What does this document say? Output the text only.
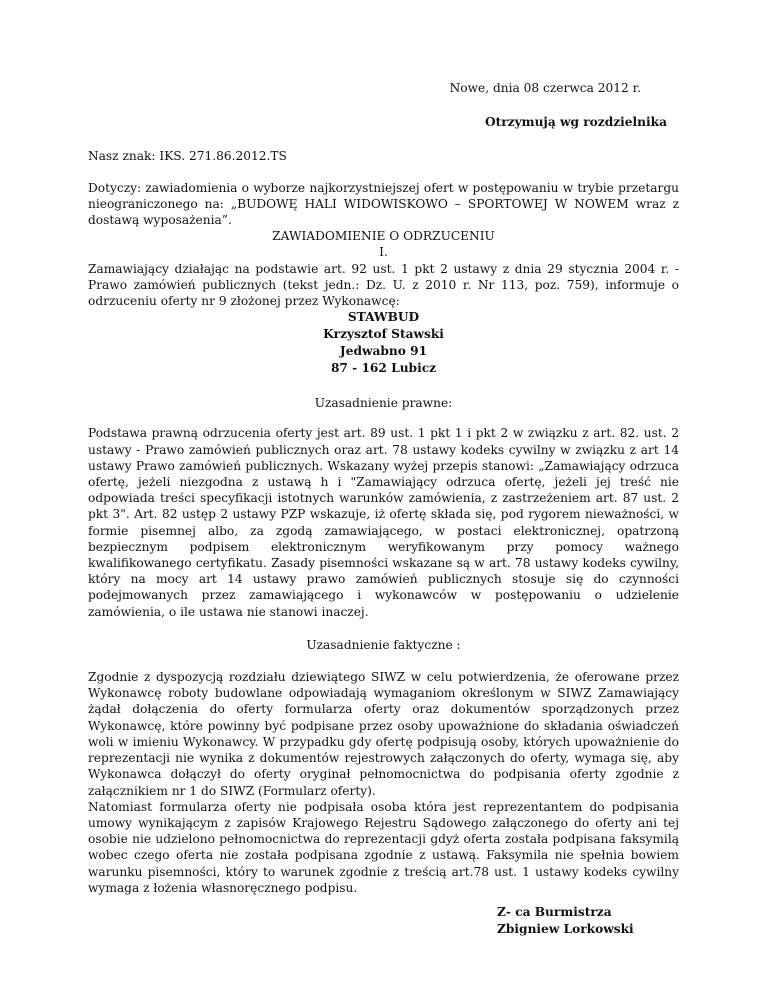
Nowe, dnia 08 czerwca 2012 r.
Otrzymują wg rozdzielnika
Nasz znak: IKS. 271.86.2012.TS
Dotyczy: zawiadomienia o wyborze najkorzystniejszej ofert w postępowaniu w trybie przetargu nieograniczonego na: „BUDOWĘ HALI WIDOWISKOWO – SPORTOWEJ W NOWEM wraz z dostawą wyposażenia”.
ZAWIADOMIENIE O ODRZUCENIU
I.
Zamawiający działając na podstawie art. 92 ust. 1 pkt 2 ustawy z dnia 29 stycznia 2004 r. - Prawo zamówień publicznych (tekst jedn.: Dz. U. z 2010 r. Nr 113, poz. 759), informuje o odrzuceniu oferty nr 9 złożonej przez Wykonawcę:
STAWBUD
Krzysztof Stawski
Jedwabno 91
87 - 162 Lubicz
Uzasadnienie prawne:
Podstawa prawną odrzucenia oferty jest art. 89 ust. 1 pkt 1 i pkt 2 w związku z art. 82. ust. 2 ustawy - Prawo zamówień publicznych oraz art. 78 ustawy kodeks cywilny w związku z art 14 ustawy Prawo zamówień publicznych. Wskazany wyżej przepis stanowi: „Zamawiający odrzuca ofertę, jeżeli niezgodna z ustawą h i "Zamawiający odrzuca ofertę, jeżeli jej treść nie odpowiada treści specyfikacji istotnych warunków zamówienia, z zastrzeżeniem art. 87 ust. 2 pkt 3". Art. 82 ustęp 2 ustawy PZP wskazuje, iż ofertę składa się, pod rygorem nieważności, w formie pisemnej albo, za zgodą zamawiającego, w postaci elektronicznej, opatrzoną bezpiecznym podpisem elektronicznym weryfikowanym przy pomocy ważnego kwalifikowanego certyfikatu. Zasady pisemności wskazane są w art. 78 ustawy kodeks cywilny, który na mocy art 14 ustawy prawo zamówień publicznych stosuje się do czynności podejmowanych przez zamawiającego i wykonawców w postępowaniu o udzielenie zamówienia, o ile ustawa nie stanowi inaczej.
Uzasadnienie faktyczne :
Zgodnie z dyspozycją rozdziału dziewiątego SIWZ w celu potwierdzenia, że oferowane przez Wykonawcę roboty budowlane odpowiadają wymaganiom określonym w SIWZ Zamawiający żądał dołączenia do oferty formularza oferty oraz dokumentów sporządzonych przez Wykonawcę, które powinny być podpisane przez osoby upoważnione do składania oświadczeń woli w imieniu Wykonawcy. W przypadku gdy ofertę podpisują osoby, których upoważnienie do reprezentacji nie wynika z dokumentów rejestrowych załączonych do oferty, wymaga się, aby Wykonawca dołączył do oferty oryginał pełnomocnictwa do podpisania oferty zgodnie z załącznikiem nr 1 do SIWZ (Formularz oferty).
Natomiast formularza oferty nie podpisała osoba która jest reprezentantem do podpisania umowy wynikającym z zapisów Krajowego Rejestru Sądowego załączonego do oferty ani tej osobie nie udzielono pełnomocnictwa do reprezentacji gdyż oferta została podpisana faksymilą wobec czego oferta nie została podpisana zgodnie z ustawą. Faksymila nie spełnia bowiem warunku pisemności, który to warunek zgodnie z treścią art.78 ust. 1 ustawy kodeks cywilny wymaga z łożenia własnoręcznego podpisu.
Z- ca Burmistrza
Zbigniew Lorkowski
